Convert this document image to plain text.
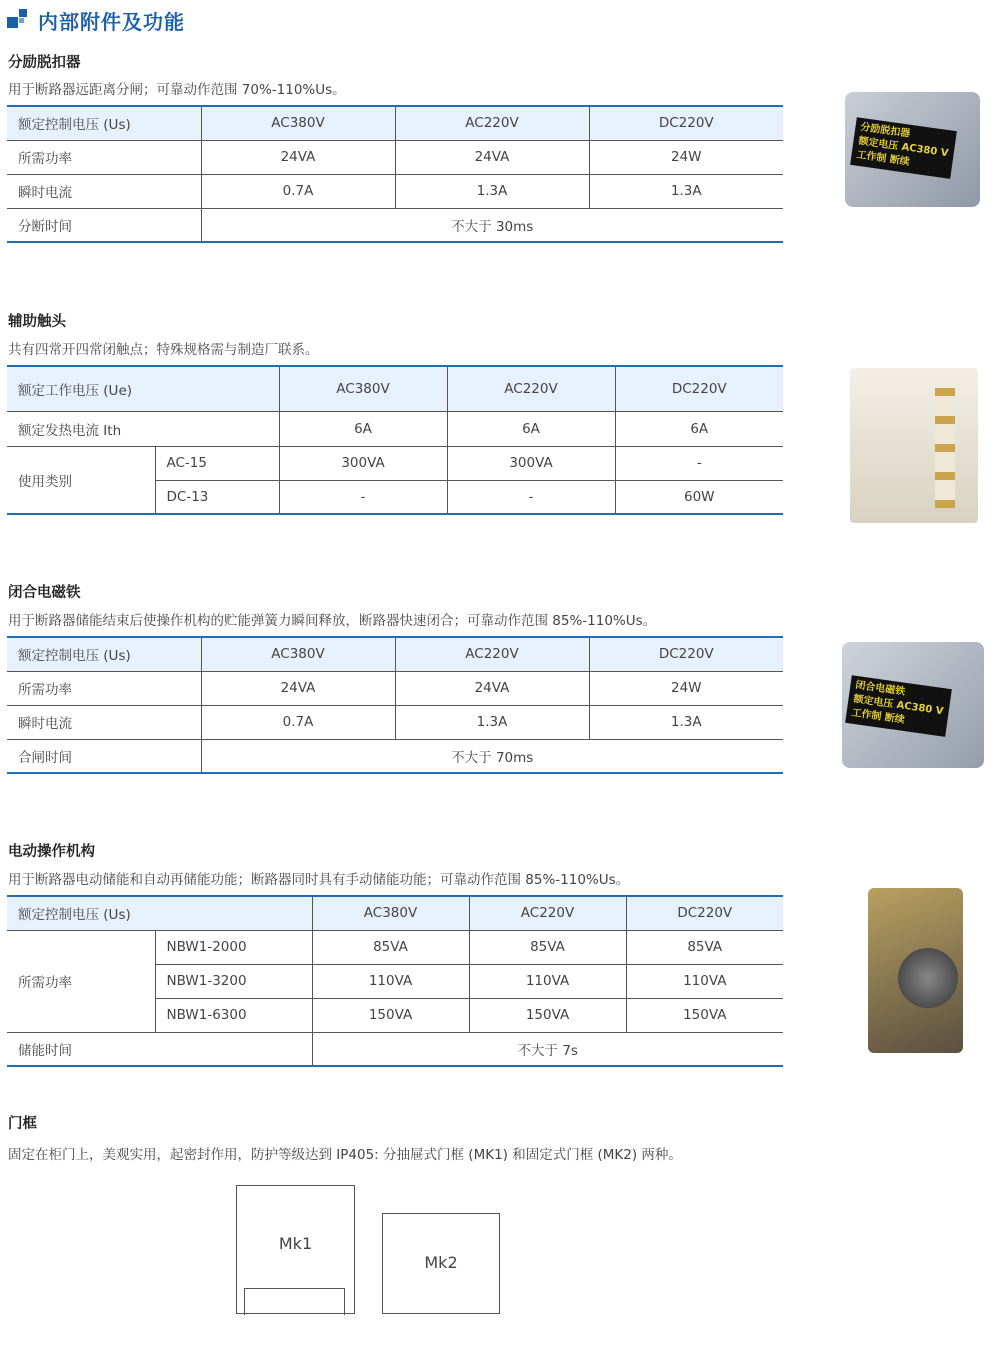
内部附件及功能
分励脱扣器
用于断路器远距离分闸；可靠动作范围 70%-110%Us。
额定控制电压 (Us)	AC380V	AC220V	DC220V
所需功率	24VA	24VA	24W
瞬时电流	0.7A	1.3A	1.3A
分断时间	不大于 30ms		
分励脱扣器
额定电压 AC380 V
工作制 断续
辅助触头
共有四常开四常闭触点；特殊规格需与制造厂联系。
额定工作电压 (Ue)		AC380V	AC220V	DC220V
额定发热电流 Ith		6A	6A	6A
使用类别	AC-15	300VA	300VA	-
	DC-13	-	-	60W
闭合电磁铁
用于断路器储能结束后使操作机构的贮能弹簧力瞬间释放，断路器快速闭合；可靠动作范围 85%-110%Us。
额定控制电压 (Us)	AC380V	AC220V	DC220V
所需功率	24VA	24VA	24W
瞬时电流	0.7A	1.3A	1.3A
合闸时间	不大于 70ms		
闭合电磁铁
额定电压 AC380 V
工作制 断续
电动操作机构
用于断路器电动储能和自动再储能功能；断路器同时具有手动储能功能；可靠动作范围 85%-110%Us。
额定控制电压 (Us)		AC380V	AC220V	DC220V
所需功率	NBW1-2000	85VA	85VA	85VA
	NBW1-3200	110VA	110VA	110VA
	NBW1-6300	150VA	150VA	150VA
储能时间		不大于 7s		
门框
固定在柜门上，美观实用，起密封作用，防护等级达到 IP405: 分抽屉式门框 (MK1) 和固定式门框 (MK2) 两种。
Mk1
Mk2
